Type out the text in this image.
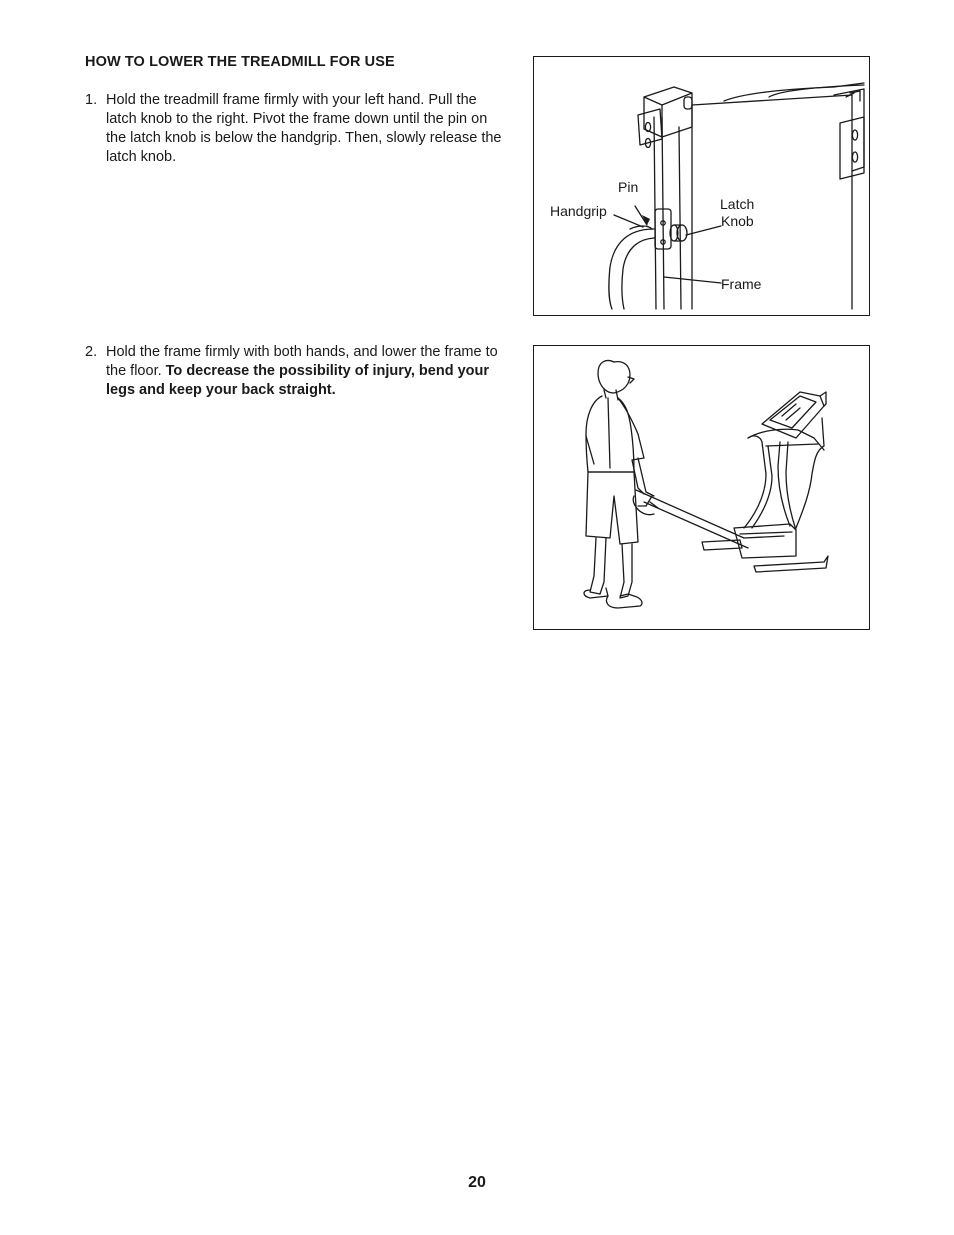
HOW TO LOWER THE TREADMILL FOR USE
1. Hold the treadmill frame firmly with your left hand. Pull the latch knob to the right. Pivot the frame down until the pin on the latch knob is below the handgrip. Then, slowly release the latch knob.
2. Hold the frame firmly with both hands, and lower the frame to the floor. To decrease the possibility of injury, bend your legs and keep your back straight.
Pin
Handgrip	Latch
Knob
Frame
20
